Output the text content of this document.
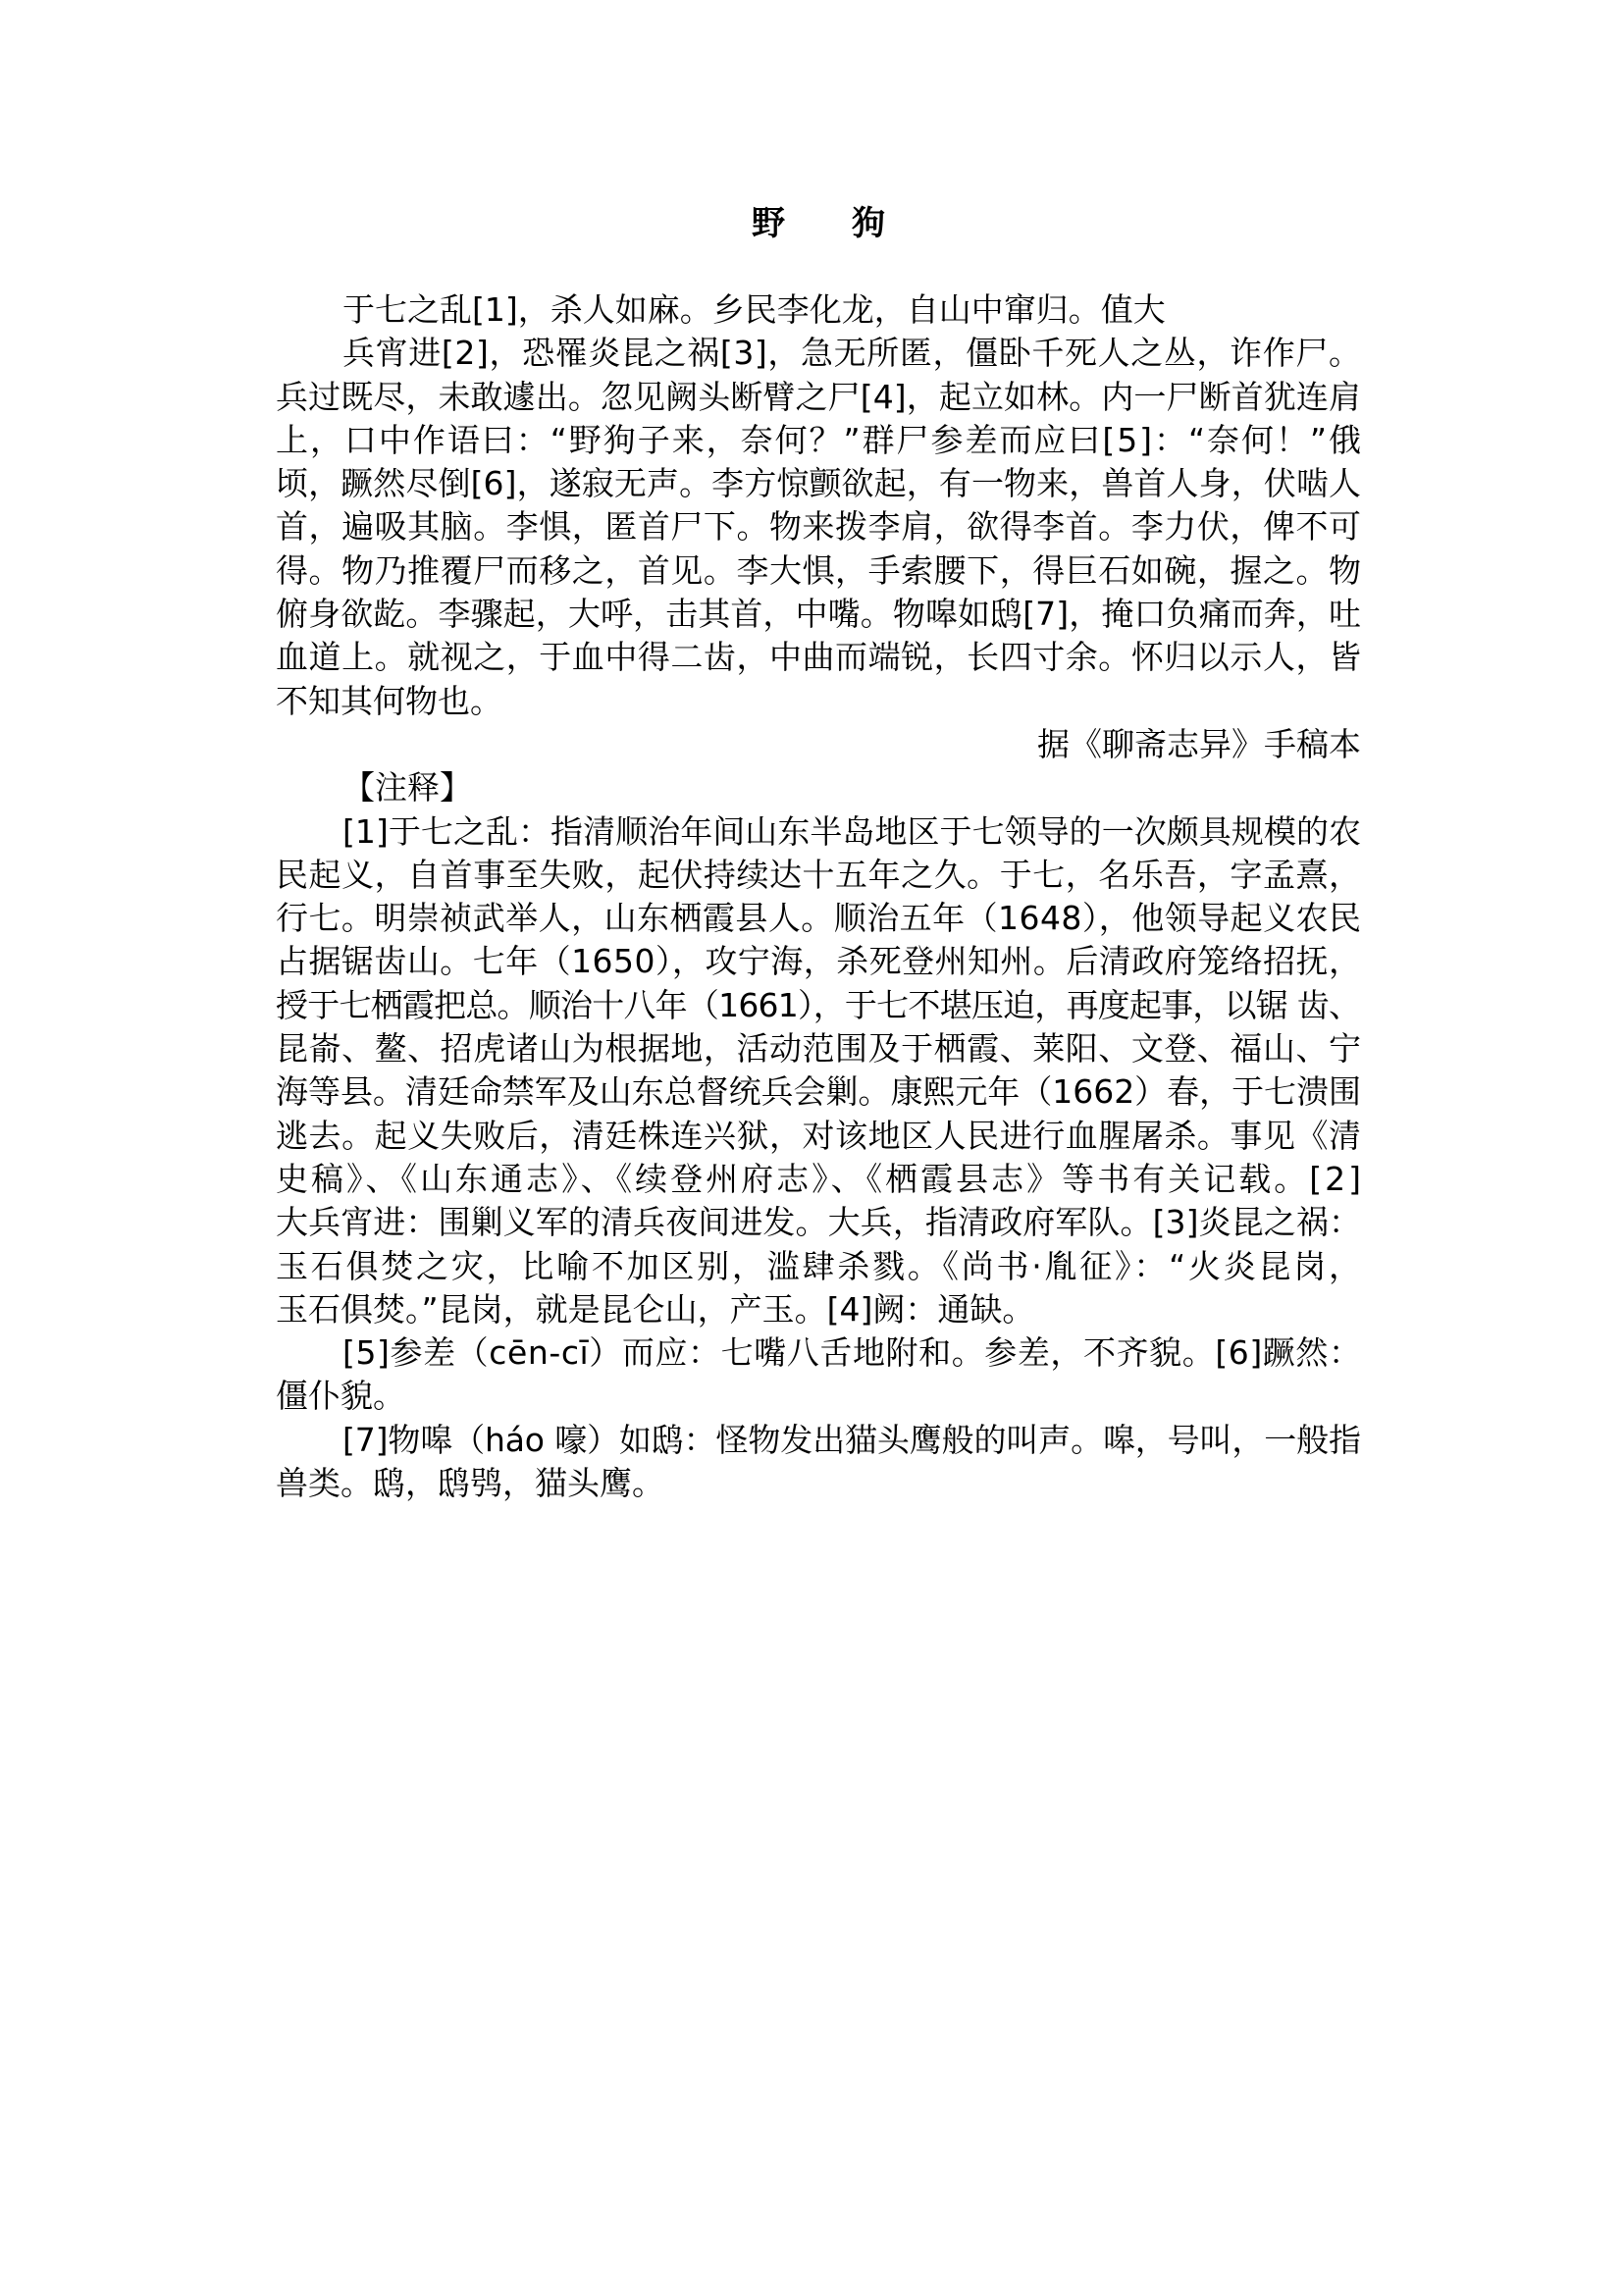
野　　狗
于七之乱[1]，杀人如麻。乡民李化龙，自山中窜归。值大
兵宵进[2]，恐罹炎昆之祸[3]，急无所匿，僵卧千死人之丛，诈作尸。
兵过既尽，未敢遽出。忽见阙头断臂之尸[4]，起立如林。内一尸断首犹连肩
上，口中作语曰：“野狗子来，奈何？”群尸参差而应曰[5]：“奈何！”俄
顷，蹶然尽倒[6]，遂寂无声。李方惊颤欲起，有一物来，兽首人身，伏啮人
首，遍吸其脑。李惧，匿首尸下。物来拨李肩，欲得李首。李力伏，俾不可
得。物乃推覆尸而移之，首见。李大惧，手索腰下，得巨石如碗，握之。物
俯身欲龁。李骤起，大呼，击其首，中嘴。物嗥如鸱[7]，掩口负痛而奔，吐
血道上。就视之，于血中得二齿，中曲而端锐，长四寸余。怀归以示人，皆
不知其何物也。
据《聊斋志异》手稿本
【注释】
[1]于七之乱：指清顺治年间山东半岛地区于七领导的一次颇具规模的农
民起义，自首事至失败，起伏持续达十五年之久。于七，名乐吾，字孟熹，
行七。明崇祯武举人，山东栖霞县人。顺治五年（1648），他领导起义农民
占据锯齿山。七年（1650），攻宁海，杀死登州知州。后清政府笼络招抚，
授于七栖霞把总。顺治十八年（1661），于七不堪压迫，再度起事，以锯 齿、
昆嵛、鳌、招虎诸山为根据地，活动范围及于栖霞、莱阳、文登、福山、宁
海等县。清廷命禁军及山东总督统兵会剿。康熙元年（1662）春，于七溃围
逃去。起义失败后，清廷株连兴狱，对该地区人民进行血腥屠杀。事见《清
史稿》、《山东通志》、《续登州府志》、《栖霞县志》等书有关记载。[2]
大兵宵进：围剿义军的清兵夜间进发。大兵，指清政府军队。[3]炎昆之祸：
玉石俱焚之灾，比喻不加区别，滥肆杀戮。《尚书·胤征》：“火炎昆岗，
玉石俱焚。”昆岗，就是昆仑山，产玉。[4]阙：通缺。
[5]参差（cēn-cī）而应：七嘴八舌地附和。参差，不齐貌。[6]蹶然：
僵仆貌。
[7]物嗥（háo 嚎）如鸱：怪物发出猫头鹰般的叫声。嗥，号叫，一般指
兽类。鸱，鸱鸮，猫头鹰。
